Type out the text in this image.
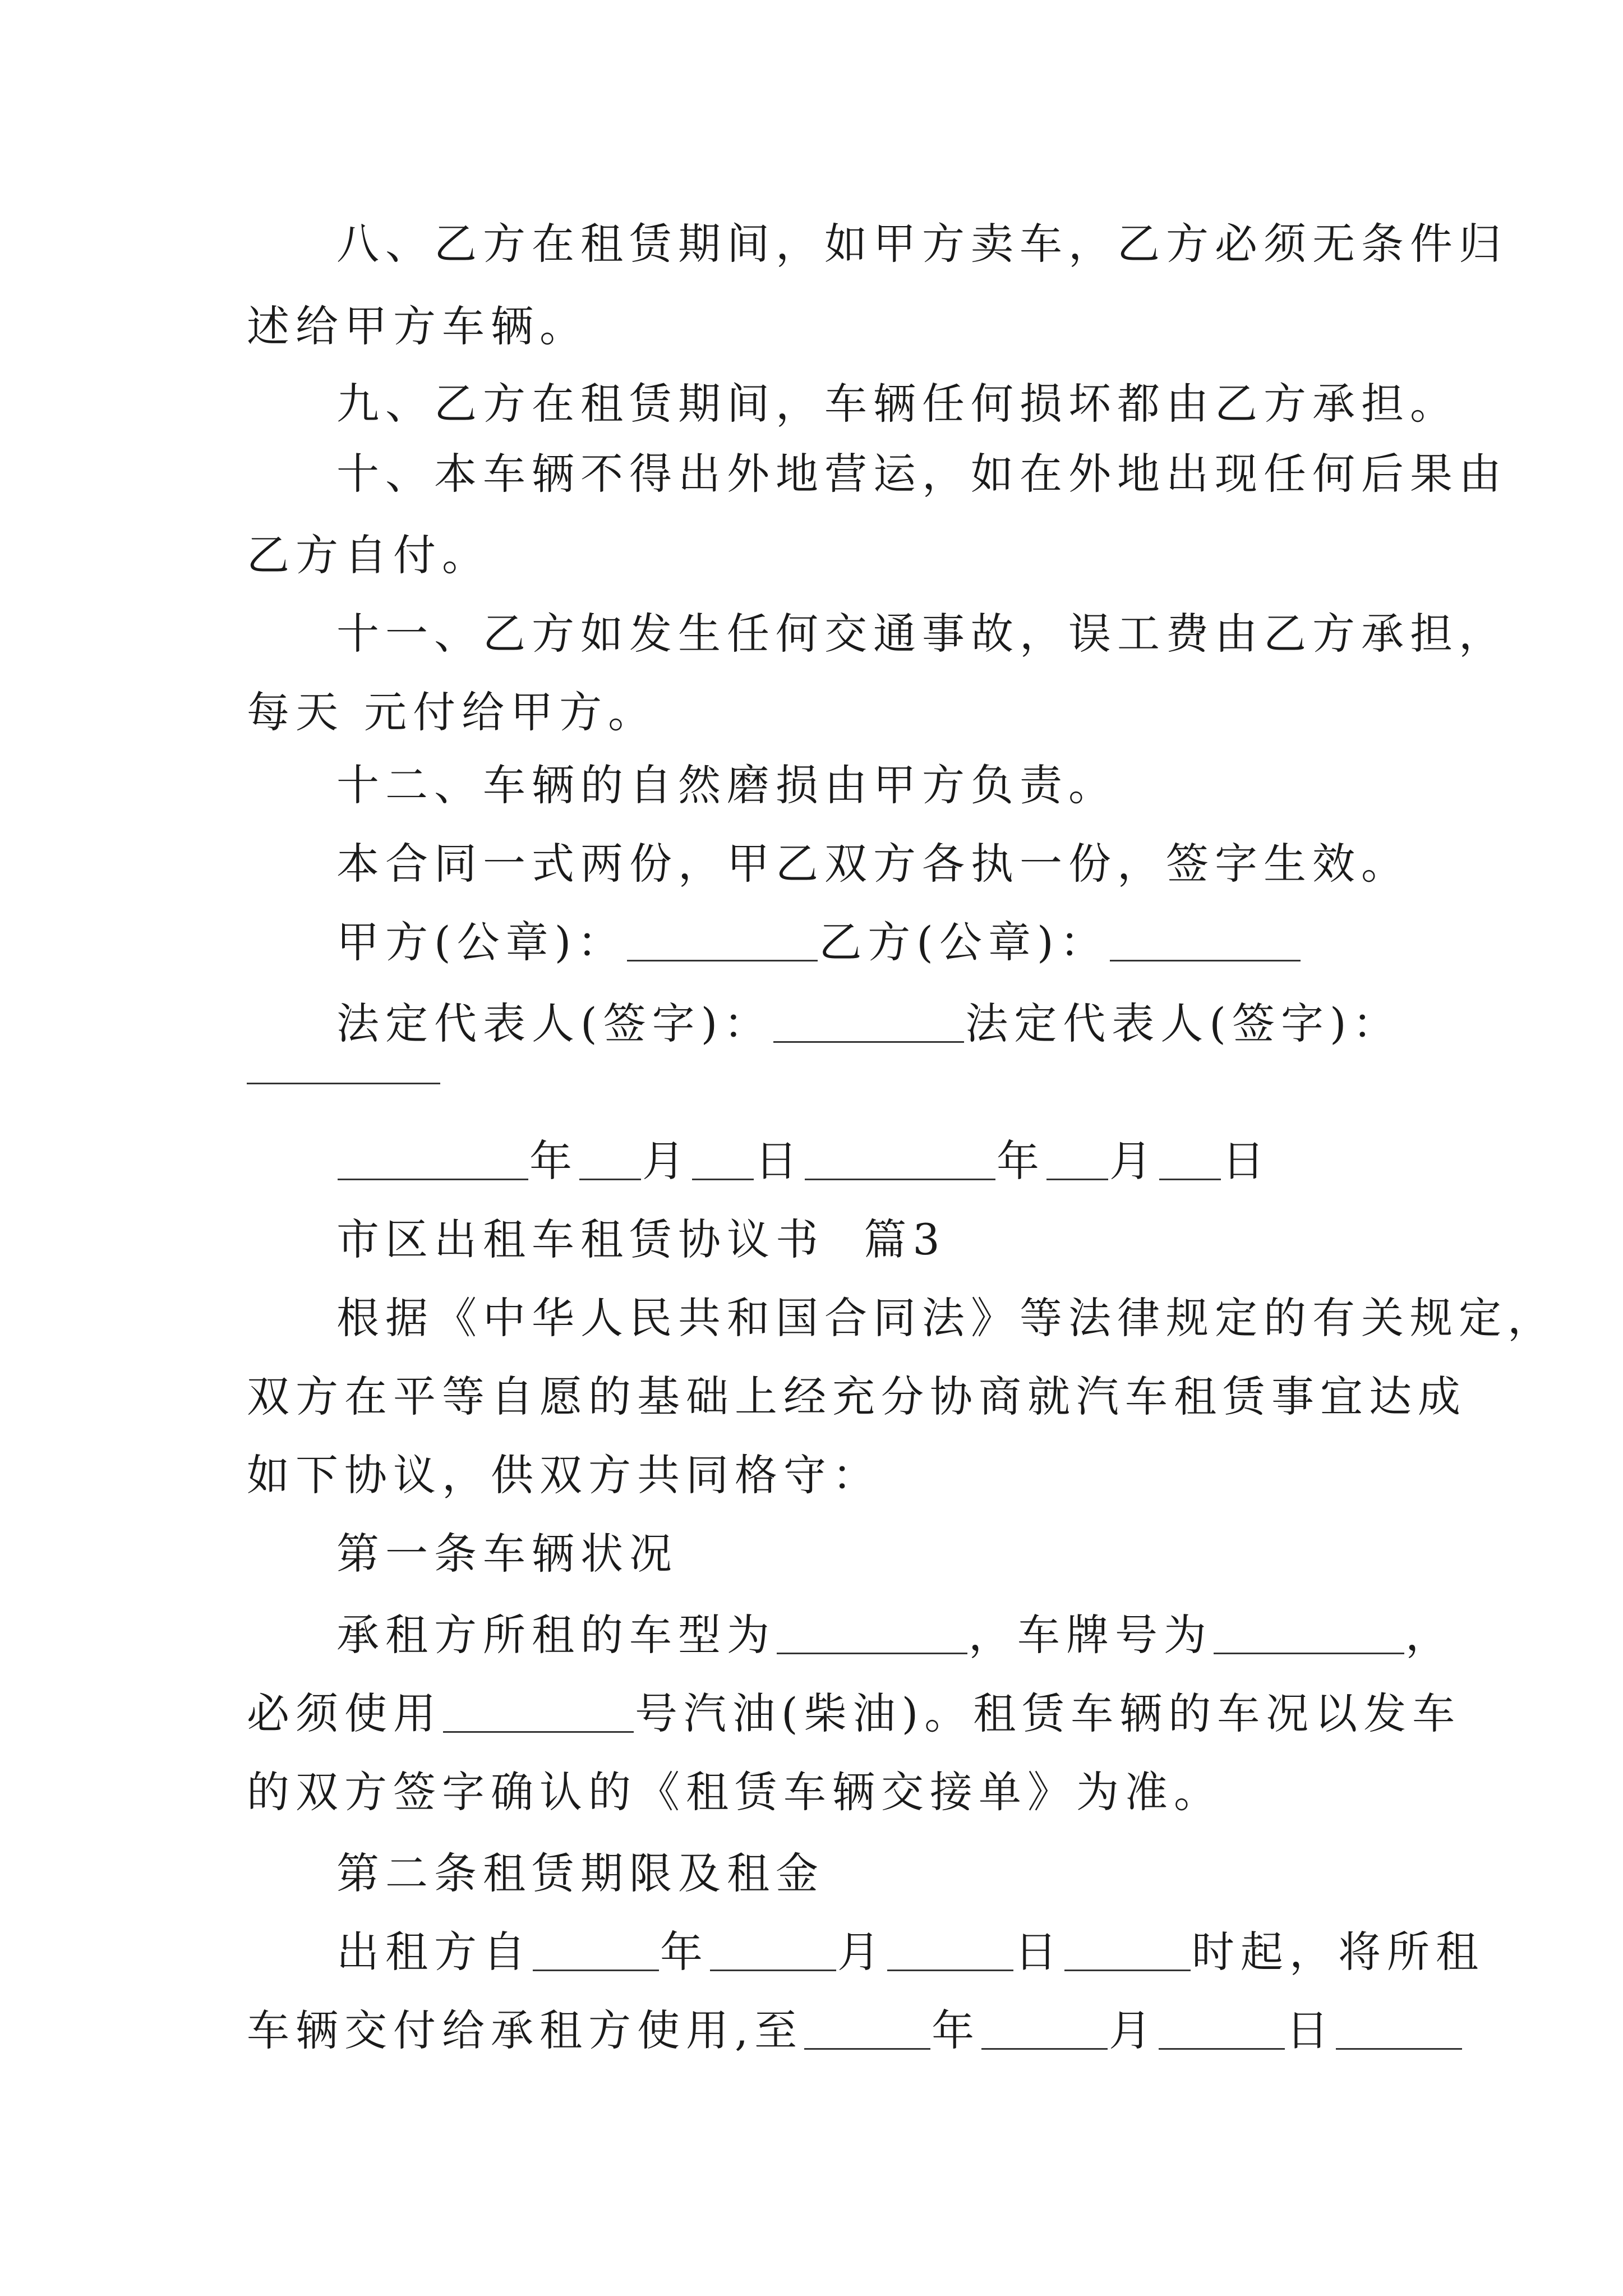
八、乙方在租赁期间，如甲方卖车，乙方必须无条件归
述给甲方车辆。
九、乙方在租赁期间，车辆任何损坏都由乙方承担。
十、本车辆不得出外地营运，如在外地出现任何后果由
乙方自付。
十一、乙方如发生任何交通事故，误工费由乙方承担，
每天 元付给甲方。
十二、车辆的自然磨损由甲方负责。
本合同一式两份，甲乙双方各执一份，签字生效。
甲方(公章)：	乙方(公章)：
法定代表人(签字)：	法定代表人(签字)：
年 月 日	年 月 日
市区出租车租赁协议书  篇3
根据《中华人民共和国合同法》等法律规定的有关规定，
双方在平等自愿的基础上经充分协商就汽车租赁事宜达成
如下协议，供双方共同格守：
第一条车辆状况
承租方所租的车型为	，车牌号为	，
必须使用	号汽油(柴油)。租赁车辆的车况以发车
的双方签字确认的《租赁车辆交接单》为准。
第二条租赁期限及租金
出租方自	年	月	日	时起，将所租
车辆交付给承租方使用,至	年	月	日
